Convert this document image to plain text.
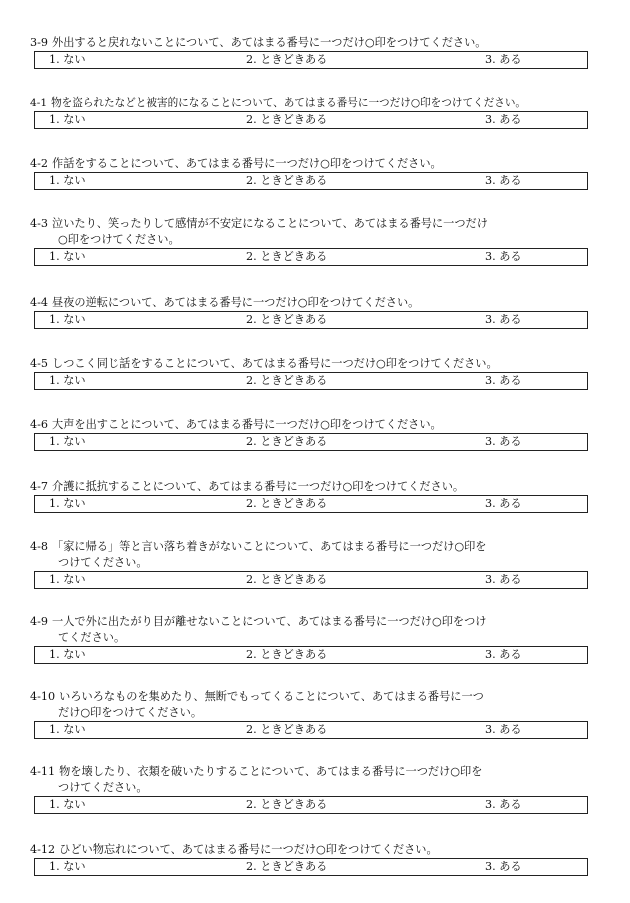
3-9 外出すると戻れないことについて、あてはまる番号に一つだけ○印をつけてください。
1. ない	2. ときどきある	3. ある
4-1 物を盗られたなどと被害的になることについて、あてはまる番号に一つだけ○印をつけてください。
1. ない	2. ときどきある	3. ある
4-2 作話をすることについて、あてはまる番号に一つだけ○印をつけてください。
1. ない	2. ときどきある	3. ある
4-3 泣いたり、笑ったりして感情が不安定になることについて、あてはまる番号に一つだけ
○印をつけてください。
1. ない	2. ときどきある	3. ある
4-4 昼夜の逆転について、あてはまる番号に一つだけ○印をつけてください。
1. ない	2. ときどきある	3. ある
4-5 しつこく同じ話をすることについて、あてはまる番号に一つだけ○印をつけてください。
1. ない	2. ときどきある	3. ある
4-6 大声を出すことについて、あてはまる番号に一つだけ○印をつけてください。
1. ない	2. ときどきある	3. ある
4-7 介護に抵抗することについて、あてはまる番号に一つだけ○印をつけてください。
1. ない	2. ときどきある	3. ある
4-8 「家に帰る」等と言い落ち着きがないことについて、あてはまる番号に一つだけ○印を
つけてください。
1. ない	2. ときどきある	3. ある
4-9 一人で外に出たがり目が離せないことについて、あてはまる番号に一つだけ○印をつけ
てください。
1. ない	2. ときどきある	3. ある
4-10 いろいろなものを集めたり、無断でもってくることについて、あてはまる番号に一つ
だけ○印をつけてください。
1. ない	2. ときどきある	3. ある
4-11 物を壊したり、衣類を破いたりすることについて、あてはまる番号に一つだけ○印を
つけてください。
1. ない	2. ときどきある	3. ある
4-12 ひどい物忘れについて、あてはまる番号に一つだけ○印をつけてください。
1. ない	2. ときどきある	3. ある
